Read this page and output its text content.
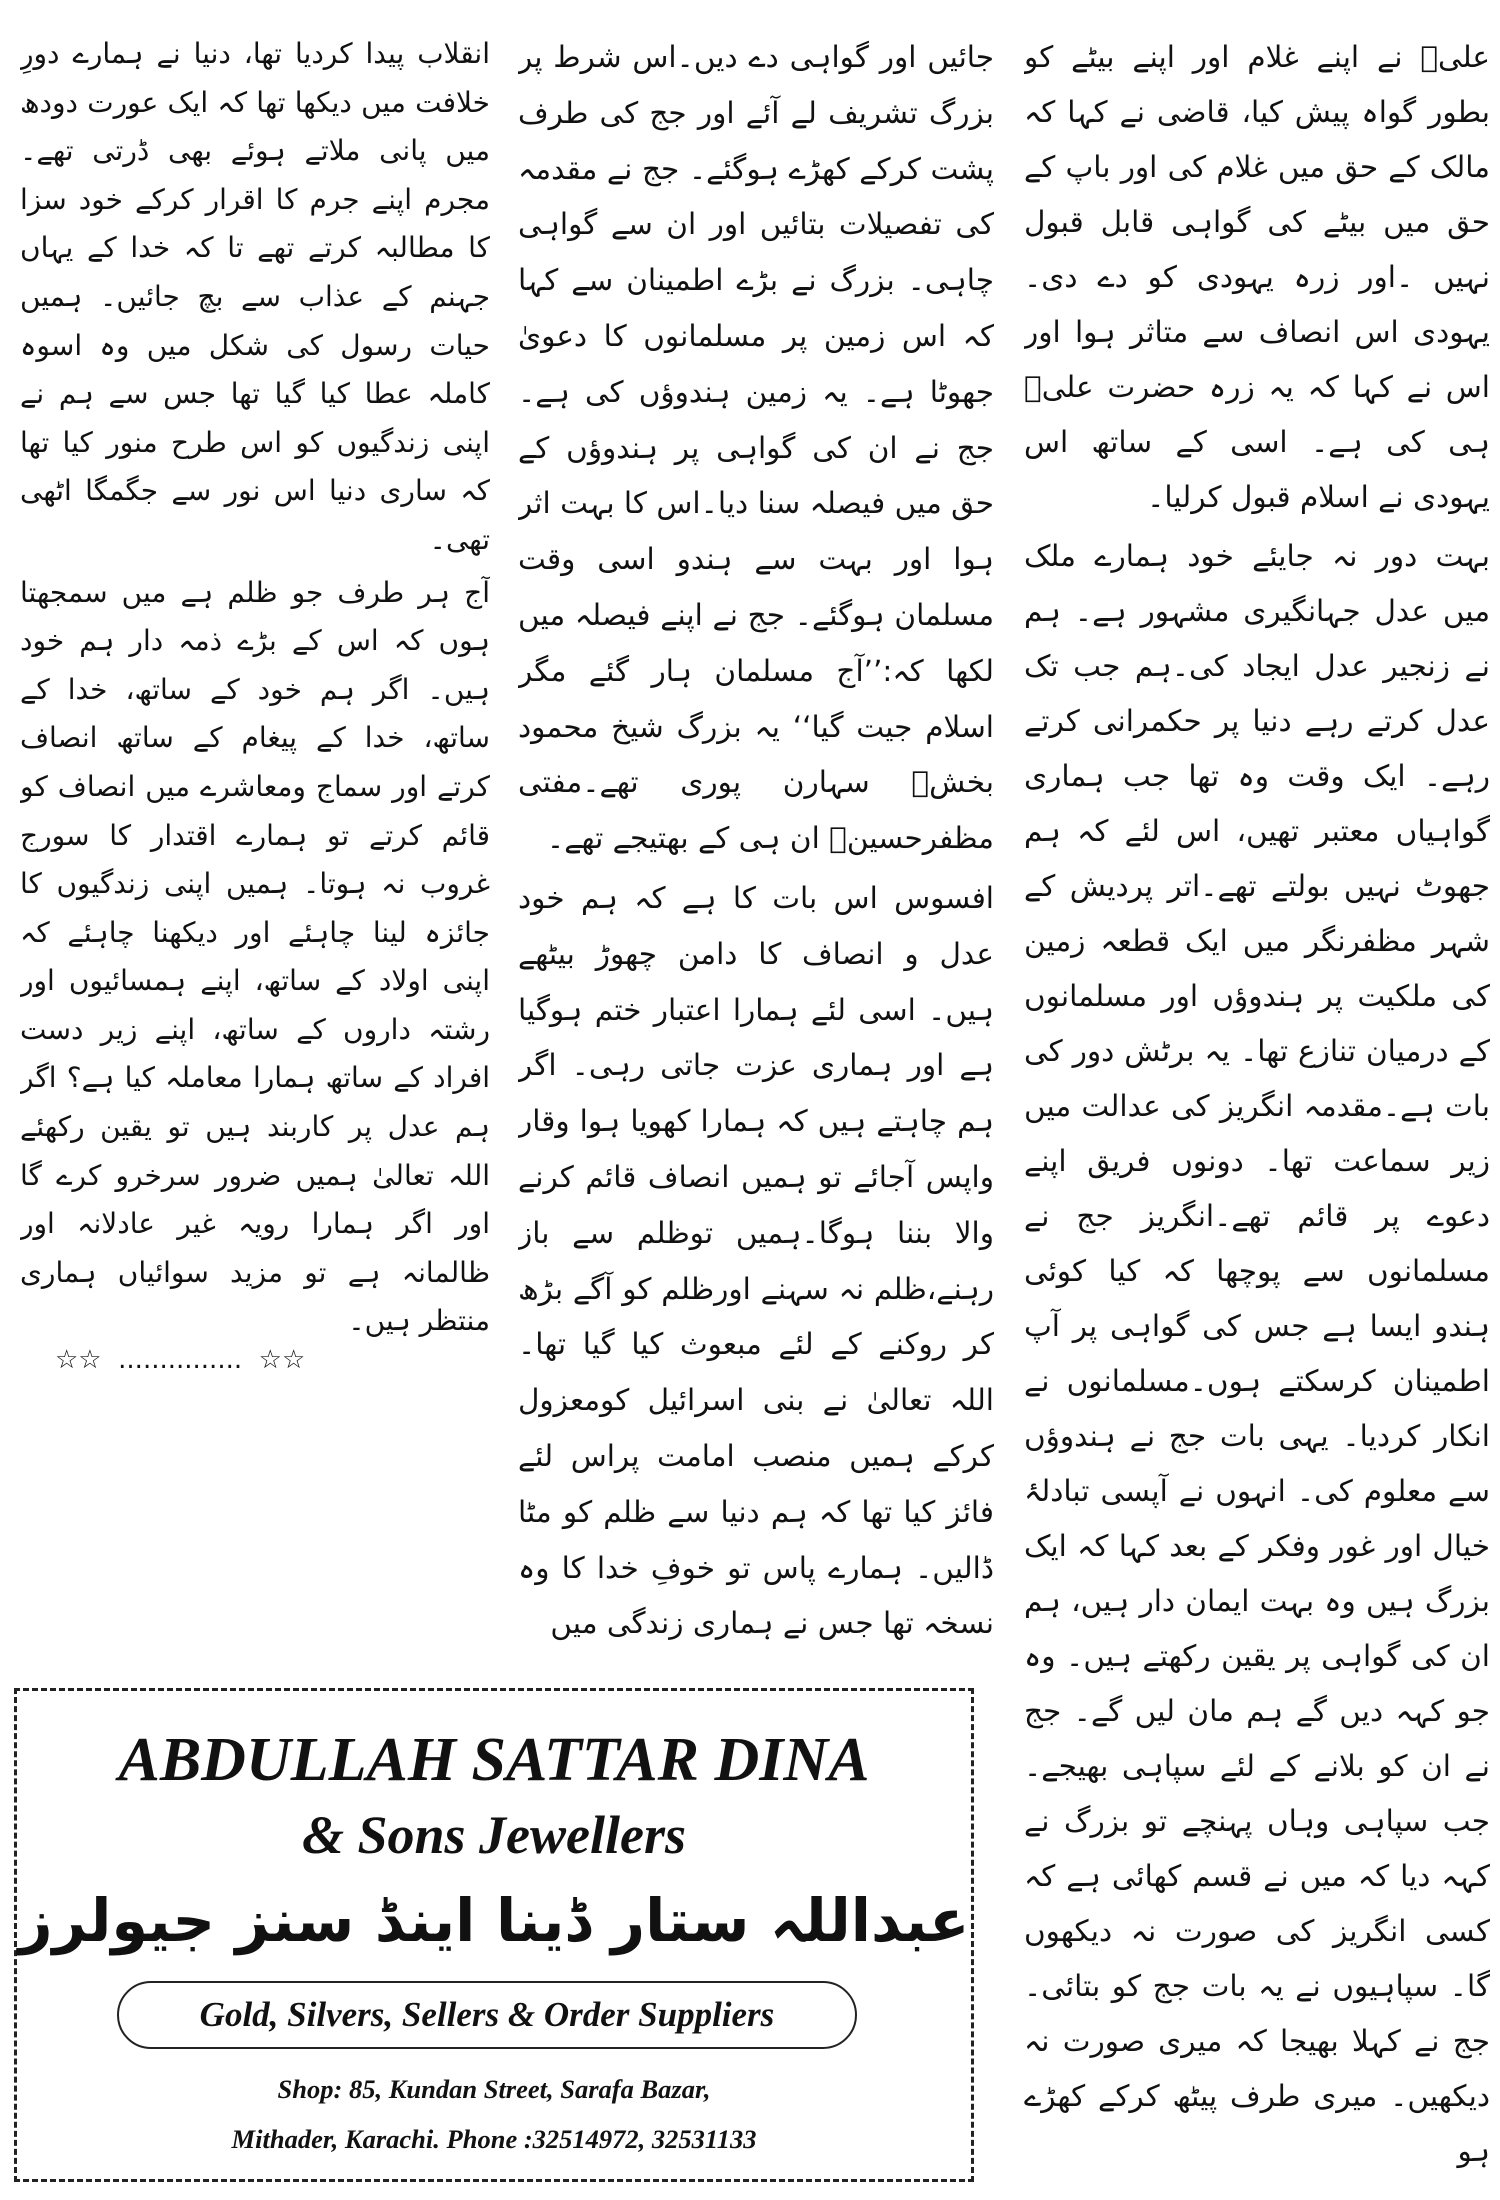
علیؓ نے اپنے غلام اور اپنے بیٹے کو بطور گواہ پیش کیا، قاضی نے کہا کہ مالک کے حق میں غلام کی اور باپ کے حق میں بیٹے کی گواہی قابل قبول نہیں ۔اور زرہ یہودی کو دے دی۔ یہودی اس انصاف سے متاثر ہوا اور اس نے کہا کہ یہ زرہ حضرت علیؓ ہی کی ہے۔ اسی کے ساتھ اس یہودی نے اسلام قبول کرلیا۔

بہت دور نہ جایئے خود ہمارے ملک میں عدل جہانگیری مشہور ہے۔ ہم نے زنجیر عدل ایجاد کی۔ہم جب تک عدل کرتے رہے دنیا پر حکمرانی کرتے رہے۔ ایک وقت وہ تھا جب ہماری گواہیاں معتبر تھیں، اس لئے کہ ہم جھوٹ نہیں بولتے تھے۔اتر پردیش کے شہر مظفرنگر میں ایک قطعہ زمین کی ملکیت پر ہندوؤں اور مسلمانوں کے درمیان تنازع تھا۔ یہ برٹش دور کی بات ہے۔مقدمہ انگریز کی عدالت میں زیر سماعت تھا۔ دونوں فریق اپنے دعوے پر قائم تھے۔انگریز جج نے مسلمانوں سے پوچھا کہ کیا کوئی ہندو ایسا ہے جس کی گواہی پر آپ اطمینان کرسکتے ہوں۔مسلمانوں نے انکار کردیا۔ یہی بات جج نے ہندوؤں سے معلوم کی۔ انہوں نے آپسی تبادلۂ خیال اور غور وفکر کے بعد کہا کہ ایک بزرگ ہیں وہ بہت ایمان دار ہیں، ہم ان کی گواہی پر یقین رکھتے ہیں۔ وہ جو کہہ دیں گے ہم مان لیں گے۔ جج نے ان کو بلانے کے لئے سپاہی بھیجے۔ جب سپاہی وہاں پہنچے تو بزرگ نے کہہ دیا کہ میں نے قسم کھائی ہے کہ کسی انگریز کی صورت نہ دیکھوں گا۔ سپاہیوں نے یہ بات جج کو بتائی۔ جج نے کہلا بھیجا کہ میری صورت نہ دیکھیں۔ میری طرف پیٹھ کرکے کھڑے ہو

جائیں اور گواہی دے دیں۔اس شرط پر بزرگ تشریف لے آئے اور جج کی طرف پشت کرکے کھڑے ہوگئے۔ جج نے مقدمہ کی تفصیلات بتائیں اور ان سے گواہی چاہی۔ بزرگ نے بڑے اطمینان سے کہا کہ اس زمین پر مسلمانوں کا دعویٰ جھوٹا ہے۔ یہ زمین ہندوؤں کی ہے۔جج نے ان کی گواہی پر ہندوؤں کے حق میں فیصلہ سنا دیا۔اس کا بہت اثر ہوا اور بہت سے ہندو اسی وقت مسلمان ہوگئے۔ جج نے اپنے فیصلہ میں لکھا کہ:’’آج مسلمان ہار گئے مگر اسلام جیت گیا‘‘ یہ بزرگ شیخ محمود بخشؒ سہارن پوری تھے۔مفتی مظفرحسینؒ ان ہی کے بھتیجے تھے۔

افسوس اس بات کا ہے کہ ہم خود عدل و انصاف کا دامن چھوڑ بیٹھے ہیں۔ اسی لئے ہمارا اعتبار ختم ہوگیا ہے اور ہماری عزت جاتی رہی۔ اگر ہم چاہتے ہیں کہ ہمارا کھویا ہوا وقار واپس آجائے تو ہمیں انصاف قائم کرنے والا بننا ہوگا۔ہمیں توظلم سے باز رہنے،ظلم نہ سہنے اورظلم کو آگے بڑھ کر روکنے کے لئے مبعوث کیا گیا تھا۔ اللہ تعالیٰ نے بنی اسرائیل کومعزول کرکے ہمیں منصب امامت پراس لئے فائز کیا تھا کہ ہم دنیا سے ظلم کو مٹا ڈالیں۔ ہمارے پاس تو خوفِ خدا کا وہ نسخہ تھا جس نے ہماری زندگی میں

انقلاب پیدا کردیا تھا، دنیا نے ہمارے دورِ خلافت میں دیکھا تھا کہ ایک عورت دودھ میں پانی ملاتے ہوئے بھی ڈرتی تھے۔ مجرم اپنے جرم کا اقرار کرکے خود سزا کا مطالبہ کرتے تھے تا کہ خدا کے یہاں جہنم کے عذاب سے بچ جائیں۔ ہمیں حیات رسول کی شکل میں وہ اسوہ کاملہ عطا کیا گیا تھا جس سے ہم نے اپنی زندگیوں کو اس طرح منور کیا تھا کہ ساری دنیا اس نور سے جگمگا اٹھی تھی۔

آج ہر طرف جو ظلم ہے میں سمجھتا ہوں کہ اس کے بڑے ذمہ دار ہم خود ہیں۔ اگر ہم خود کے ساتھ، خدا کے ساتھ، خدا کے پیغام کے ساتھ انصاف کرتے اور سماج ومعاشرے میں انصاف کو قائم کرتے تو ہمارے اقتدار کا سورج غروب نہ ہوتا۔ ہمیں اپنی زندگیوں کا جائزہ لینا چاہئے اور دیکھنا چاہئے کہ اپنی اولاد کے ساتھ، اپنے ہمسائیوں اور رشتہ داروں کے ساتھ، اپنے زیر دست افراد کے ساتھ ہمارا معاملہ کیا ہے؟ اگر ہم عدل پر کاربند ہیں تو یقین رکھئے اللہ تعالیٰ ہمیں ضرور سرخرو کرے گا اور اگر ہمارا رویہ غیر عادلانہ اور ظالمانہ ہے تو مزید سوائیاں ہماری منتظر ہیں۔

☆☆  ...............  ☆☆
ABDULLAH SATTAR DINA
& Sons Jewellers
عبداللہ ستار ڈینا اینڈ سنز جیولرز
Gold, Silvers, Sellers & Order Suppliers
Shop: 85, Kundan Street, Sarafa Bazar,
Mithader, Karachi. Phone :32514972, 32531133
